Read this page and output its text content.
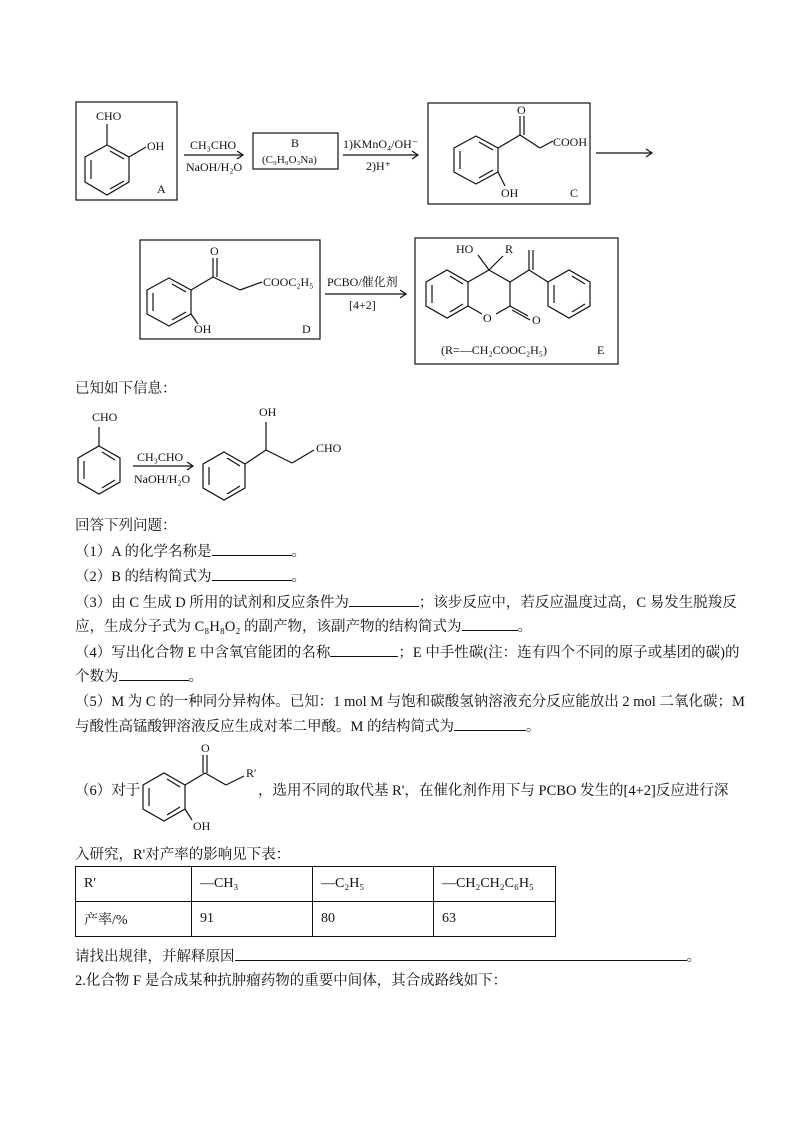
CHO
OH
A
CH₃CHO
NaOH/H₂O
B
(C₉H₉O₃Na)
1)KMnO₄/OH⁻
2)H⁺
O
COOH
OH	C
O
COOC₂H₅
OH	D
PCBO/催化剂
[4+2]
HO	R
O	O
(R=—CH₂COOC₂H₅)	E
已知如下信息：
CHO
CH₃CHO
NaOH/H₂O
OH
CHO
回答下列问题：
（1）A 的化学名称是	。
（2）B 的结构简式为	。
（3）由 C 生成 D 所用的试剂和反应条件为	；该步反应中，若反应温度过高，C 易发生脱羧反
应，生成分子式为 C₈H₈O₂ 的副产物，该副产物的结构简式为	。
（4）写出化合物 E 中含氧官能团的名称	；E 中手性碳(注：连有四个不同的原子或基团的碳)的
个数为	。
（5）M 为 C 的一种同分异构体。已知：1 mol M 与饱和碳酸氢钠溶液充分反应能放出 2 mol 二氧化碳；M
与酸性高锰酸钾溶液反应生成对苯二甲酸。M 的结构简式为	。
（6）对于
O
R'
OH
，选用不同的取代基 R'，在催化剂作用下与 PCBO 发生的[4+2]反应进行深
入研究，R'对产率的影响见下表：
R'	—CH₃	—C₂H₅	—CH₂CH₂C₆H₅
产率/%	91	80	63
请找出规律，并解释原因	。
2.化合物 F 是合成某种抗肿瘤药物的重要中间体，其合成路线如下：
